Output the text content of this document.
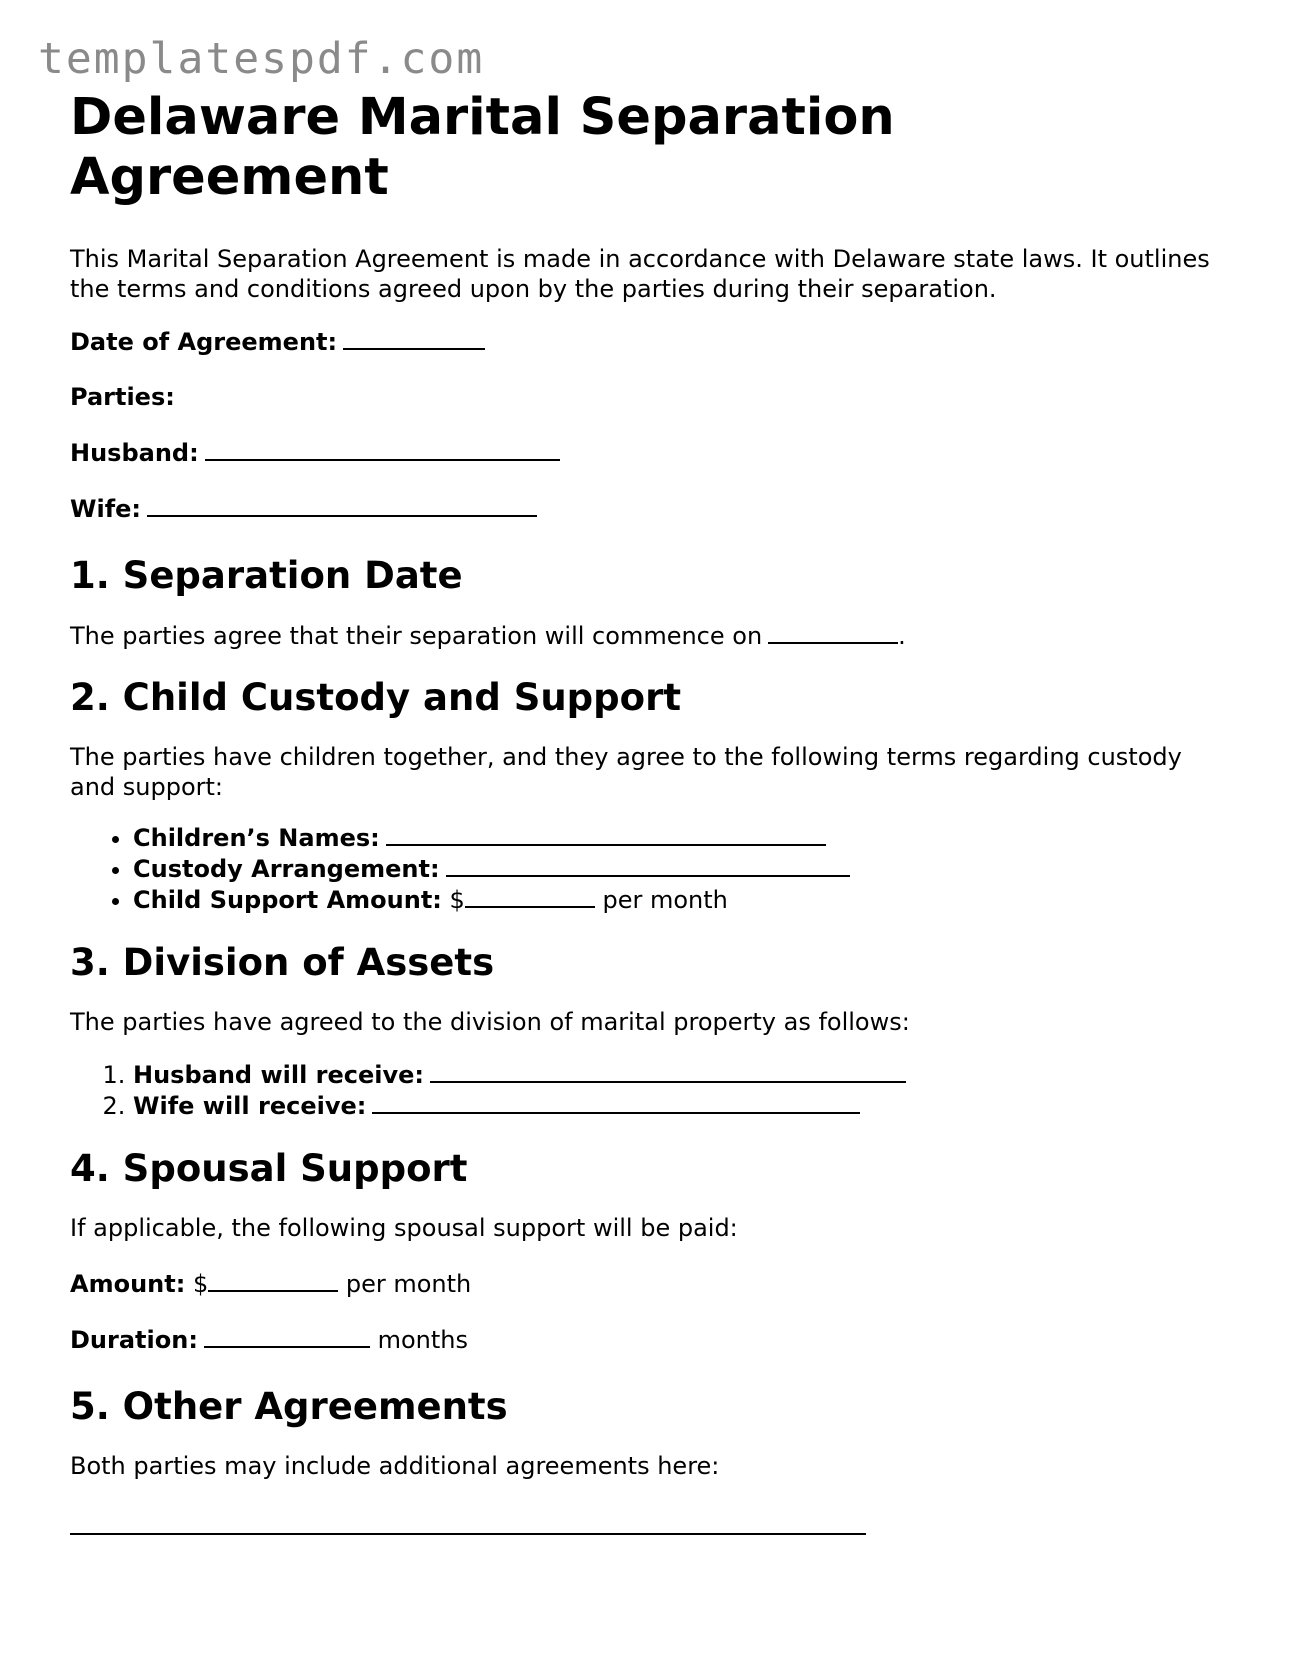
templatespdf.com
Delaware Marital Separation Agreement

This Marital Separation Agreement is made in accordance with Delaware state laws. It outlines the terms and conditions agreed upon by the parties during their separation.

Date of Agreement:

Parties:

Husband:

Wife:

1. Separation Date

The parties agree that their separation will commence on	.

2. Child Custody and Support

The parties have children together, and they agree to the following terms regarding custody and support:

• Children’s Names:
• Custody Arrangement:
• Child Support Amount: $	per month
3. Division of Assets

The parties have agreed to the division of marital property as follows:

1. Husband will receive:
2. Wife will receive:
4. Spousal Support

If applicable, the following spousal support will be paid:

Amount: $	per month

Duration:	months

5. Other Agreements

Both parties may include additional agreements here:
